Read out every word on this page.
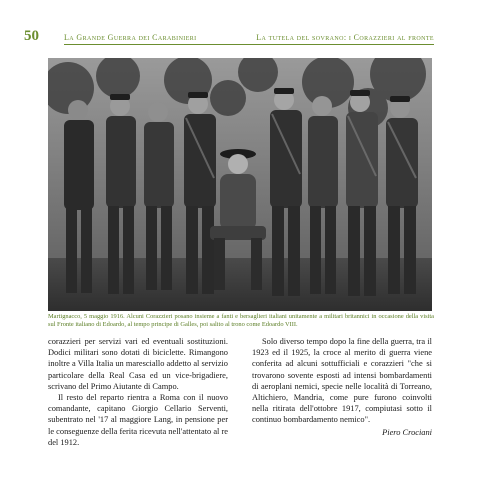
50	La Grande Guerra dei Carabinieri	La tutela del sovrano: i Corazzieri al fronte
Martignacco, 5 maggio 1916. Alcuni Corazzieri posano insieme a fanti e bersaglieri italiani unitamente a militari britannici in occasione della visita sul Fronte italiano di Edoardo, al tempo principe di Galles, poi salito al trono come Edoardo VIII.

corazzieri per servizi vari ed eventuali sostituzioni. Dodici militari sono dotati di biciclette. Rimangono inoltre a Villa Italia un maresciallo addetto al servizio particolare della Real Casa ed un vice-brigadiere, scrivano del Primo Aiutante di Campo.

Il resto del reparto rientra a Roma con il nuovo comandante, capitano Giorgio Cellario Serventi, subentrato nel '17 al maggiore Lang, in pensione per le conseguenze della ferita ricevuta nell'attentato al re del 1912.

Solo diverso tempo dopo la fine della guerra, tra il 1923 ed il 1925, la croce al merito di guerra viene conferita ad alcuni sottufficiali e corazzieri "che si trovarono sovente esposti ad intensi bombardamenti di aeroplani nemici, specie nelle località di Torreano, Altichiero, Mandria, come pure furono coinvolti nella ritirata dell'ottobre 1917, compiutasi sotto il continuo bombardamento nemico".

Piero Crociani
